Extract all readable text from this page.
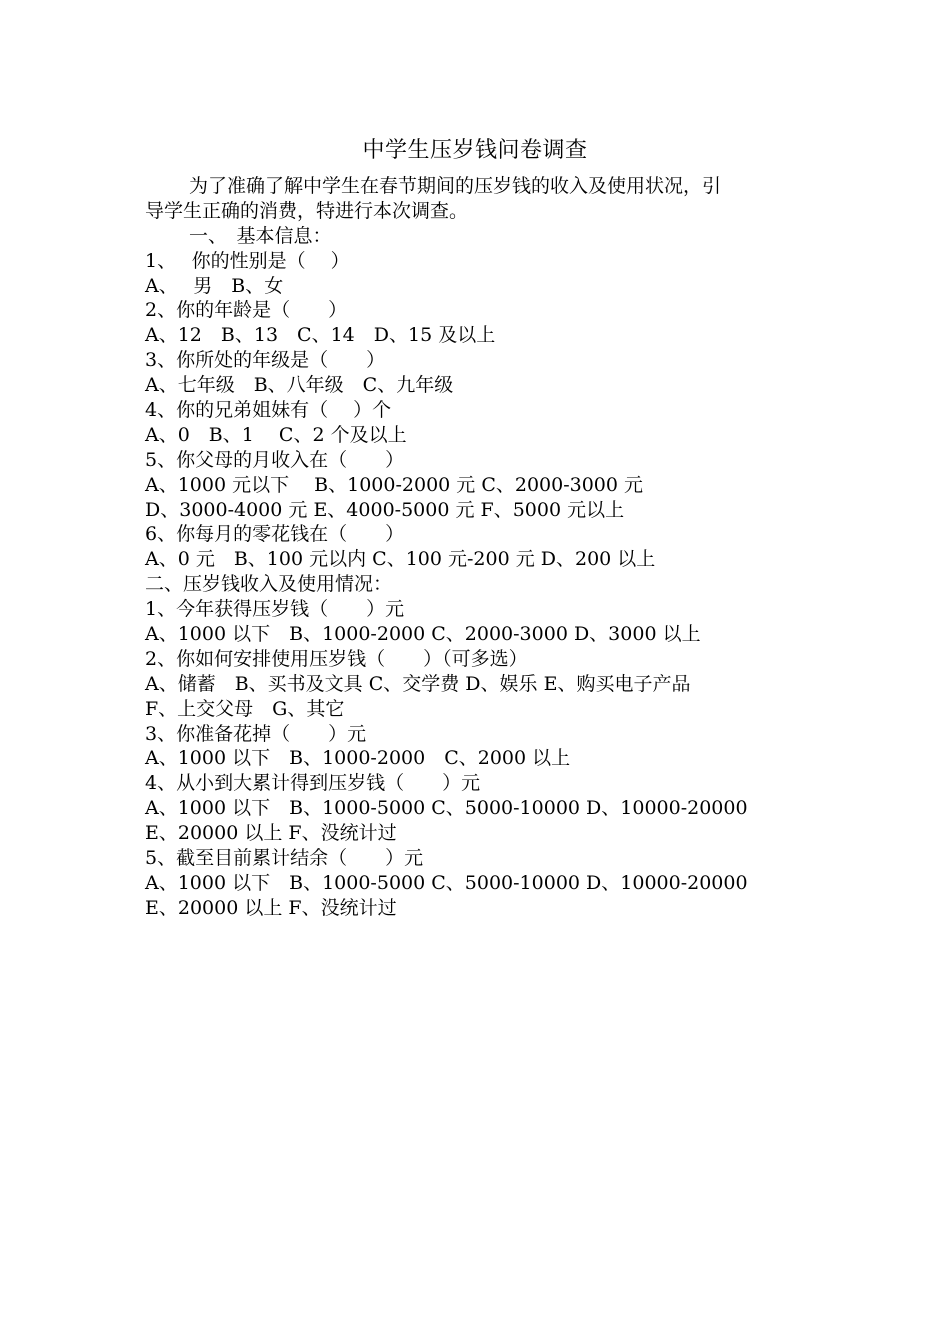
中学生压岁钱问卷调查
为了准确了解中学生在春节期间的压岁钱的收入及使用状况，引
导学生正确的消费，特进行本次调查。
一、　基本信息：
1、　 你的性别是（　 ）
A、　 男　B、女
2、你的年龄是（　　）
A、12　B、13　C、14　D、15 及以上
3、你所处的年级是（　　）
A、七年级　B、八年级　C、九年级
4、你的兄弟姐妹有（　 ）个
A、0　B、1　 C、2 个及以上
5、你父母的月收入在（　　）
A、1000 元以下　 B、1000-2000 元 C、2000-3000 元
D、3000-4000 元 E、4000-5000 元 F、5000 元以上
6、你每月的零花钱在（　　）
A、0 元　B、100 元以内 C、100 元-200 元 D、200 以上
二、压岁钱收入及使用情况：
1、今年获得压岁钱（　　）元
A、1000 以下　B、1000-2000 C、2000-3000 D、3000 以上
2、你如何安排使用压岁钱（　　）（可多选）
A、储蓄　B、买书及文具 C、交学费 D、娱乐 E、购买电子产品
F、上交父母　G、其它
3、你准备花掉（　　）元
A、1000 以下　B、1000-2000　C、2000 以上
4、从小到大累计得到压岁钱（　　）元
A、1000 以下　B、1000-5000 C、5000-10000 D、10000-20000
E、20000 以上 F、没统计过
5、截至目前累计结余（　　）元
A、1000 以下　B、1000-5000 C、5000-10000 D、10000-20000
E、20000 以上 F、没统计过
